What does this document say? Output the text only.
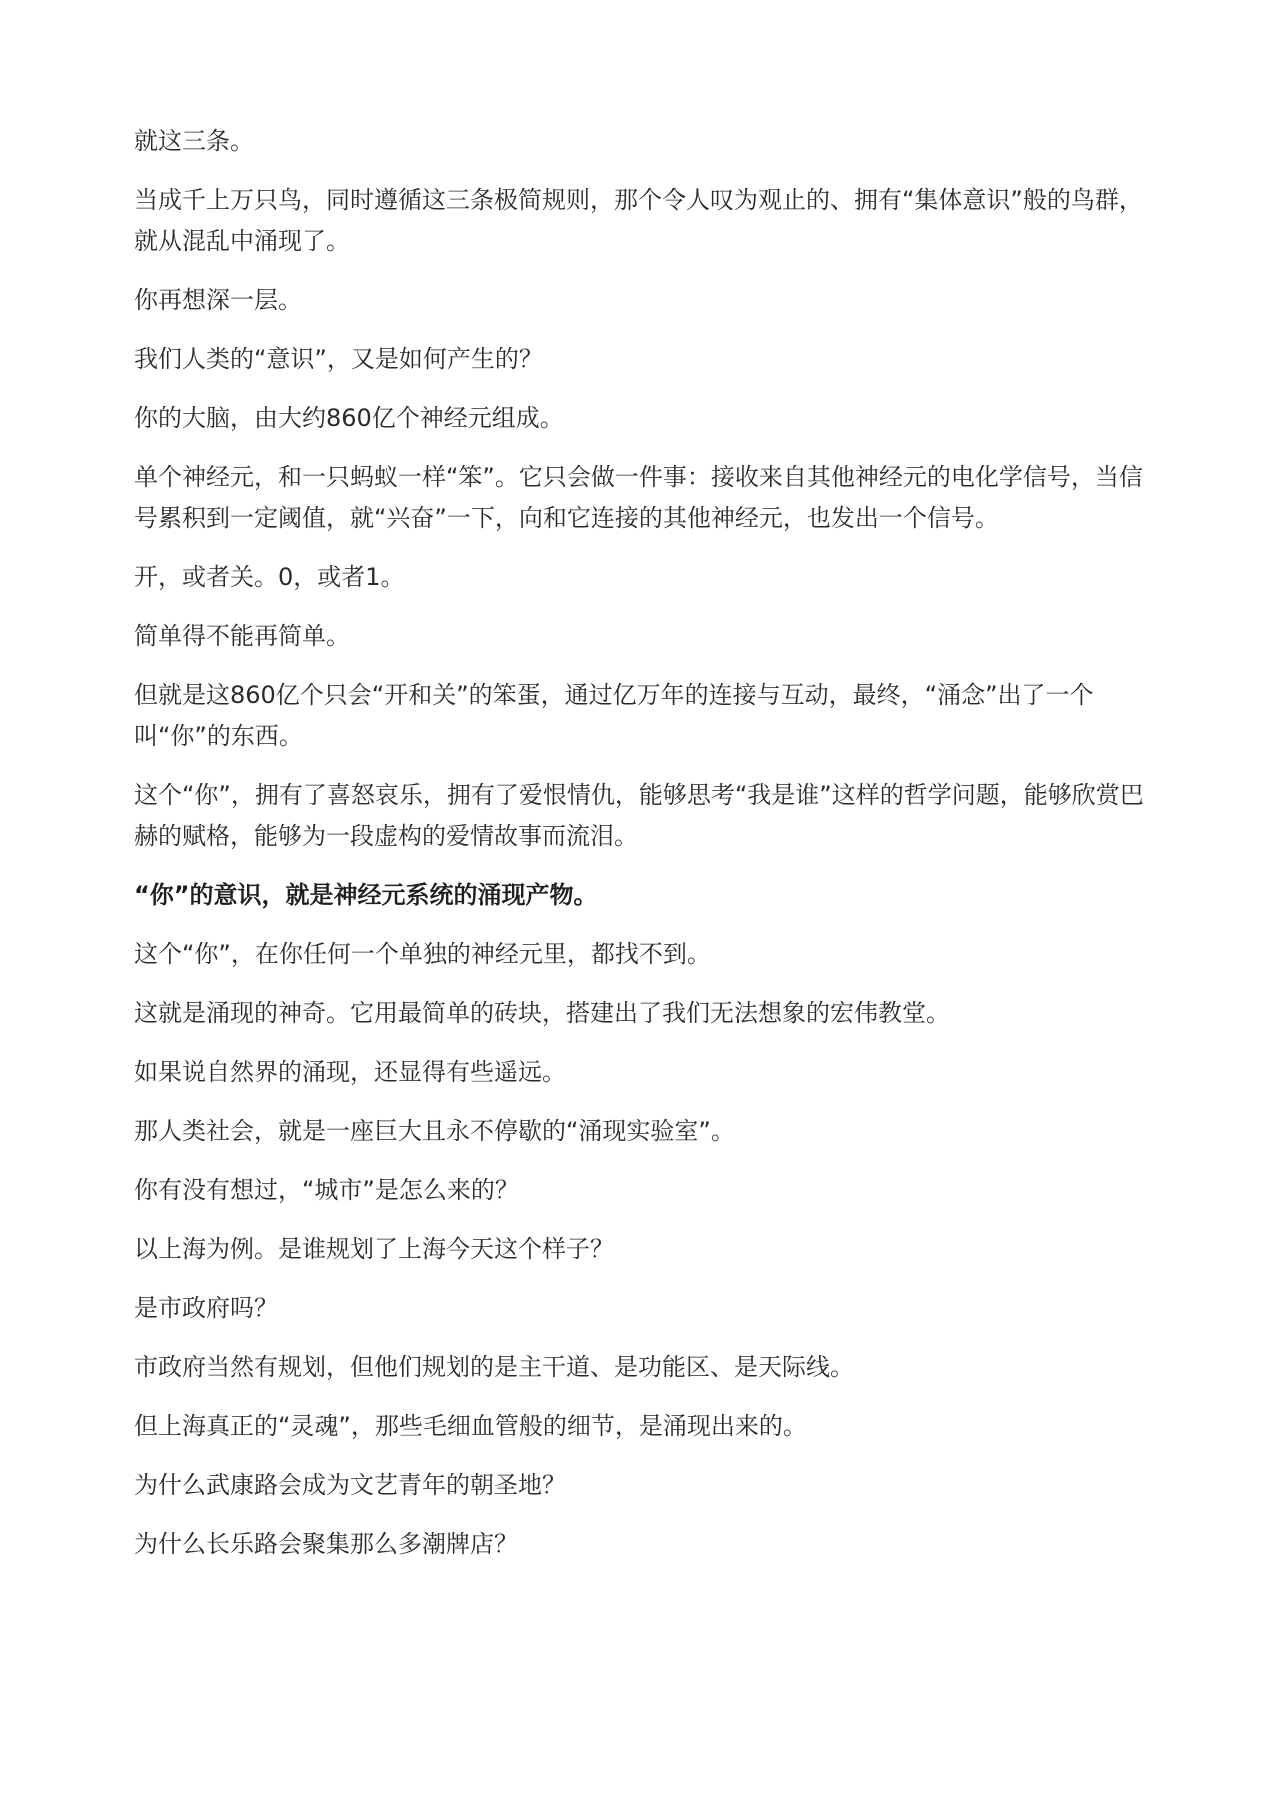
就这三条。

当成千上万只鸟，同时遵循这三条极简规则，那个令人叹为观止的、拥有“集体意识”般的鸟群，就从混乱中涌现了。

你再想深一层。

我们人类的“意识”，又是如何产生的？

你的大脑，由大约860亿个神经元组成。

单个神经元，和一只蚂蚁一样“笨”。它只会做一件事：接收来自其他神经元的电化学信号，当信号累积到一定阈值，就“兴奋”一下，向和它连接的其他神经元，也发出一个信号。

开，或者关。0，或者1。

简单得不能再简单。

但就是这860亿个只会“开和关”的笨蛋，通过亿万年的连接与互动，最终，“涌念”出了一个叫“你”的东西。

这个“你”，拥有了喜怒哀乐，拥有了爱恨情仇，能够思考“我是谁”这样的哲学问题，能够欣赏巴赫的赋格，能够为一段虚构的爱情故事而流泪。

“你”的意识，就是神经元系统的涌现产物。

这个“你”，在你任何一个单独的神经元里，都找不到。

这就是涌现的神奇。它用最简单的砖块，搭建出了我们无法想象的宏伟教堂。

如果说自然界的涌现，还显得有些遥远。

那人类社会，就是一座巨大且永不停歇的“涌现实验室”。

你有没有想过，“城市”是怎么来的？

以上海为例。是谁规划了上海今天这个样子？

是市政府吗？

市政府当然有规划，但他们规划的是主干道、是功能区、是天际线。

但上海真正的“灵魂”，那些毛细血管般的细节，是涌现出来的。

为什么武康路会成为文艺青年的朝圣地？

为什么长乐路会聚集那么多潮牌店？
